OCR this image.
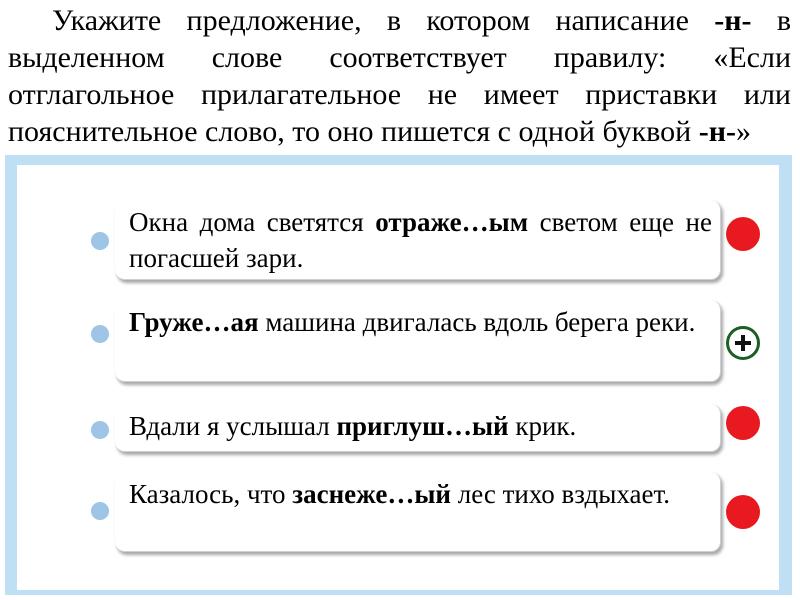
Укажите предложение, в котором написание -н- в выделенном слове соответствует правилу: «Если отглагольное прилагательное не имеет приставки или пояснительное слово, то оно пишется с одной буквой -н-»
Окна дома светятся отраже…ым светом еще не погасшей зари.
Груже…ая машина двигалась вдоль берега реки.
Вдали я услышал приглуш…ый крик.
Казалось, что заснеже…ый лес тихо вздыхает.
